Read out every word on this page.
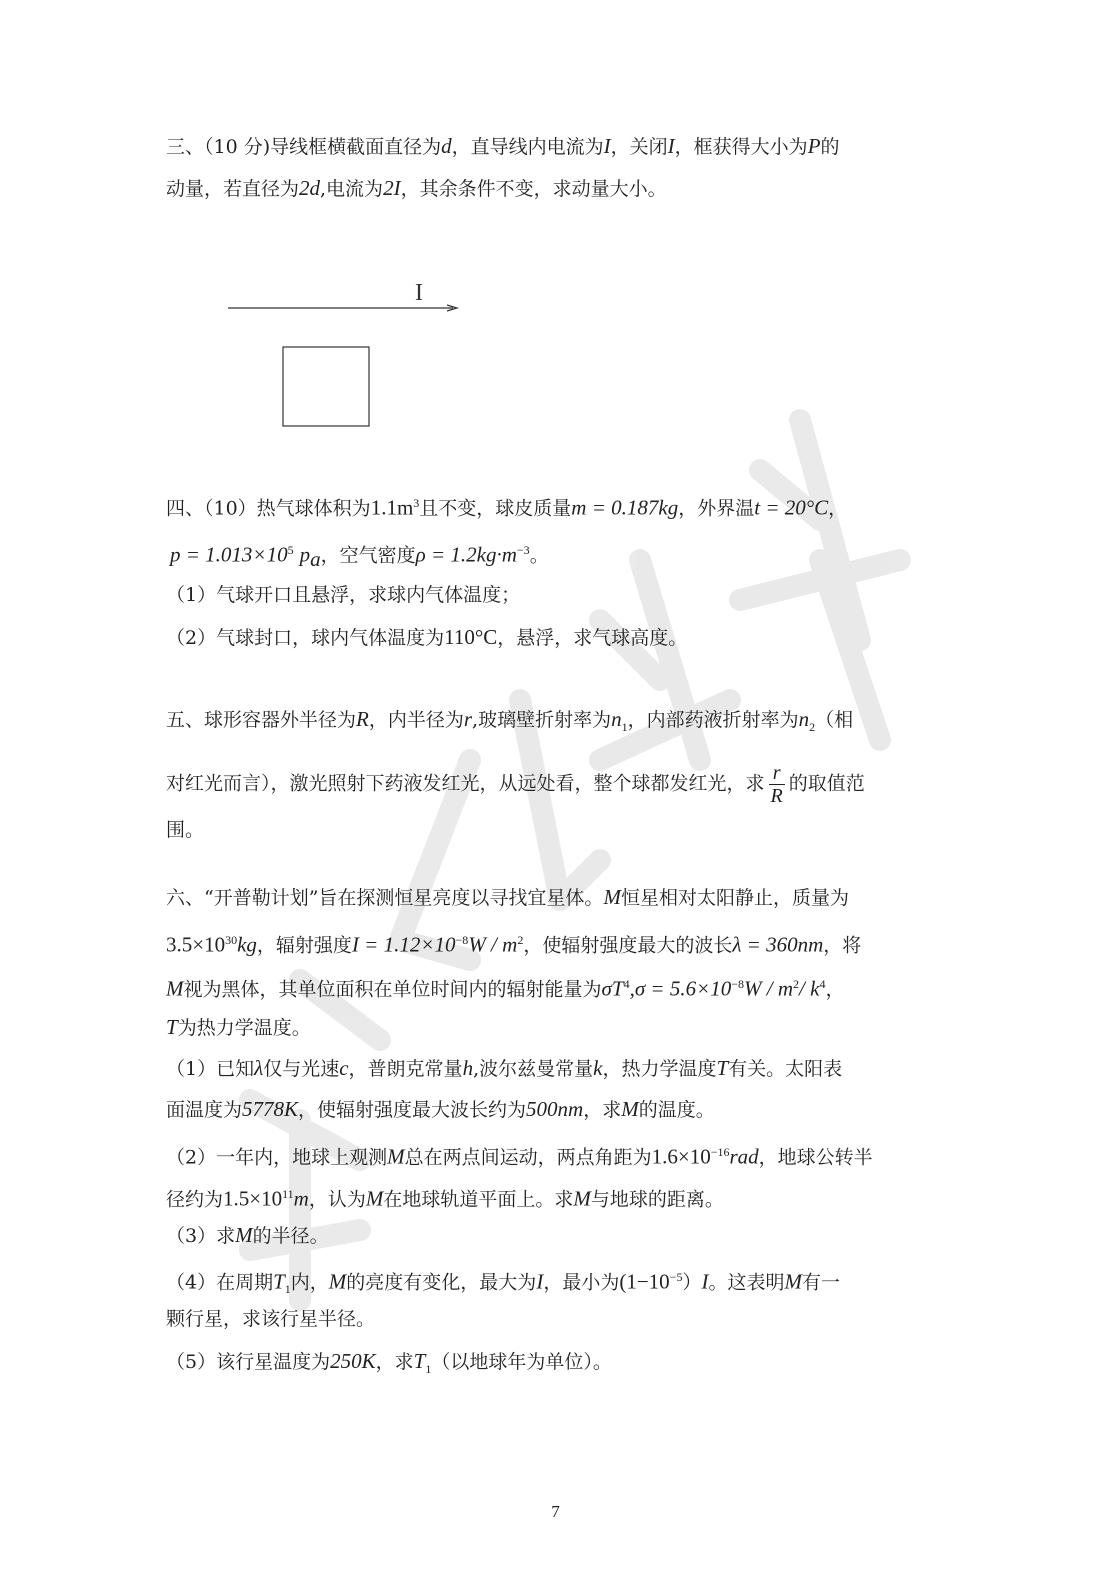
三、（10 分)导线框横截面直径为d，直导线内电流为I，关闭I，框获得大小为P的
动量，若直径为2d,电流为2I，其余条件不变，求动量大小。
I
四、（10）热气球体积为$1.1m^3$且不变，球皮质量m = 0.187kg，外界温t = 20°C，
$p = 1.013\times 10^5$ $p_a$，空气密度$\rho = 1.2kg\cdot m^{-3}$。
（1）气球开口且悬浮，求球内气体温度；
（2）气球封口，球内气体温度为110°C，悬浮，求气球高度。
五、球形容器外半径为R，内半径为r,玻璃壁折射率为$n_1$，内部药液折射率为$n_2$（相
对红光而言），激光照射下药液发红光，从远处看，整个球都发红光，求 $\frac{r}{R}$ 的取值范
围。
六、“开普勒计划”旨在探测恒星亮度以寻找宜星体。M恒星相对太阳静止，质量为
$3.5\times 10^{30}kg$，辐射强度$I = 1.12\times 10^{-8}W / m^2$，使辐射强度最大的波长λ = 360nm，将
M视为黑体，其单位面积在单位时间内的辐射能量为$\sigma T^4,\sigma = 5.6\times 10^{-8}W / m^2/$ $k^4$，
T为热力学温度。
（1）已知λ仅与光速c，普朗克常量h,波尔兹曼常量k，热力学温度T有关。太阳表
面温度为5778K，使辐射强度最大波长约为500nm，求M的温度。
（2）一年内，地球上观测M总在两点间运动，两点角距为$1.6\times 10^{-16}rad$，地球公转半
径约为$1.5\times 10^{11}m$，认为M在地球轨道平面上。求M与地球的距离。
（3）求M的半径。
（4）在周期$T_1$内，M的亮度有变化，最大为I，最小为$(1-10^{-5})I$。这表明M有一
颗行星，求该行星半径。
（5）该行星温度为250K，求$T_1$（以地球年为单位）。
7
